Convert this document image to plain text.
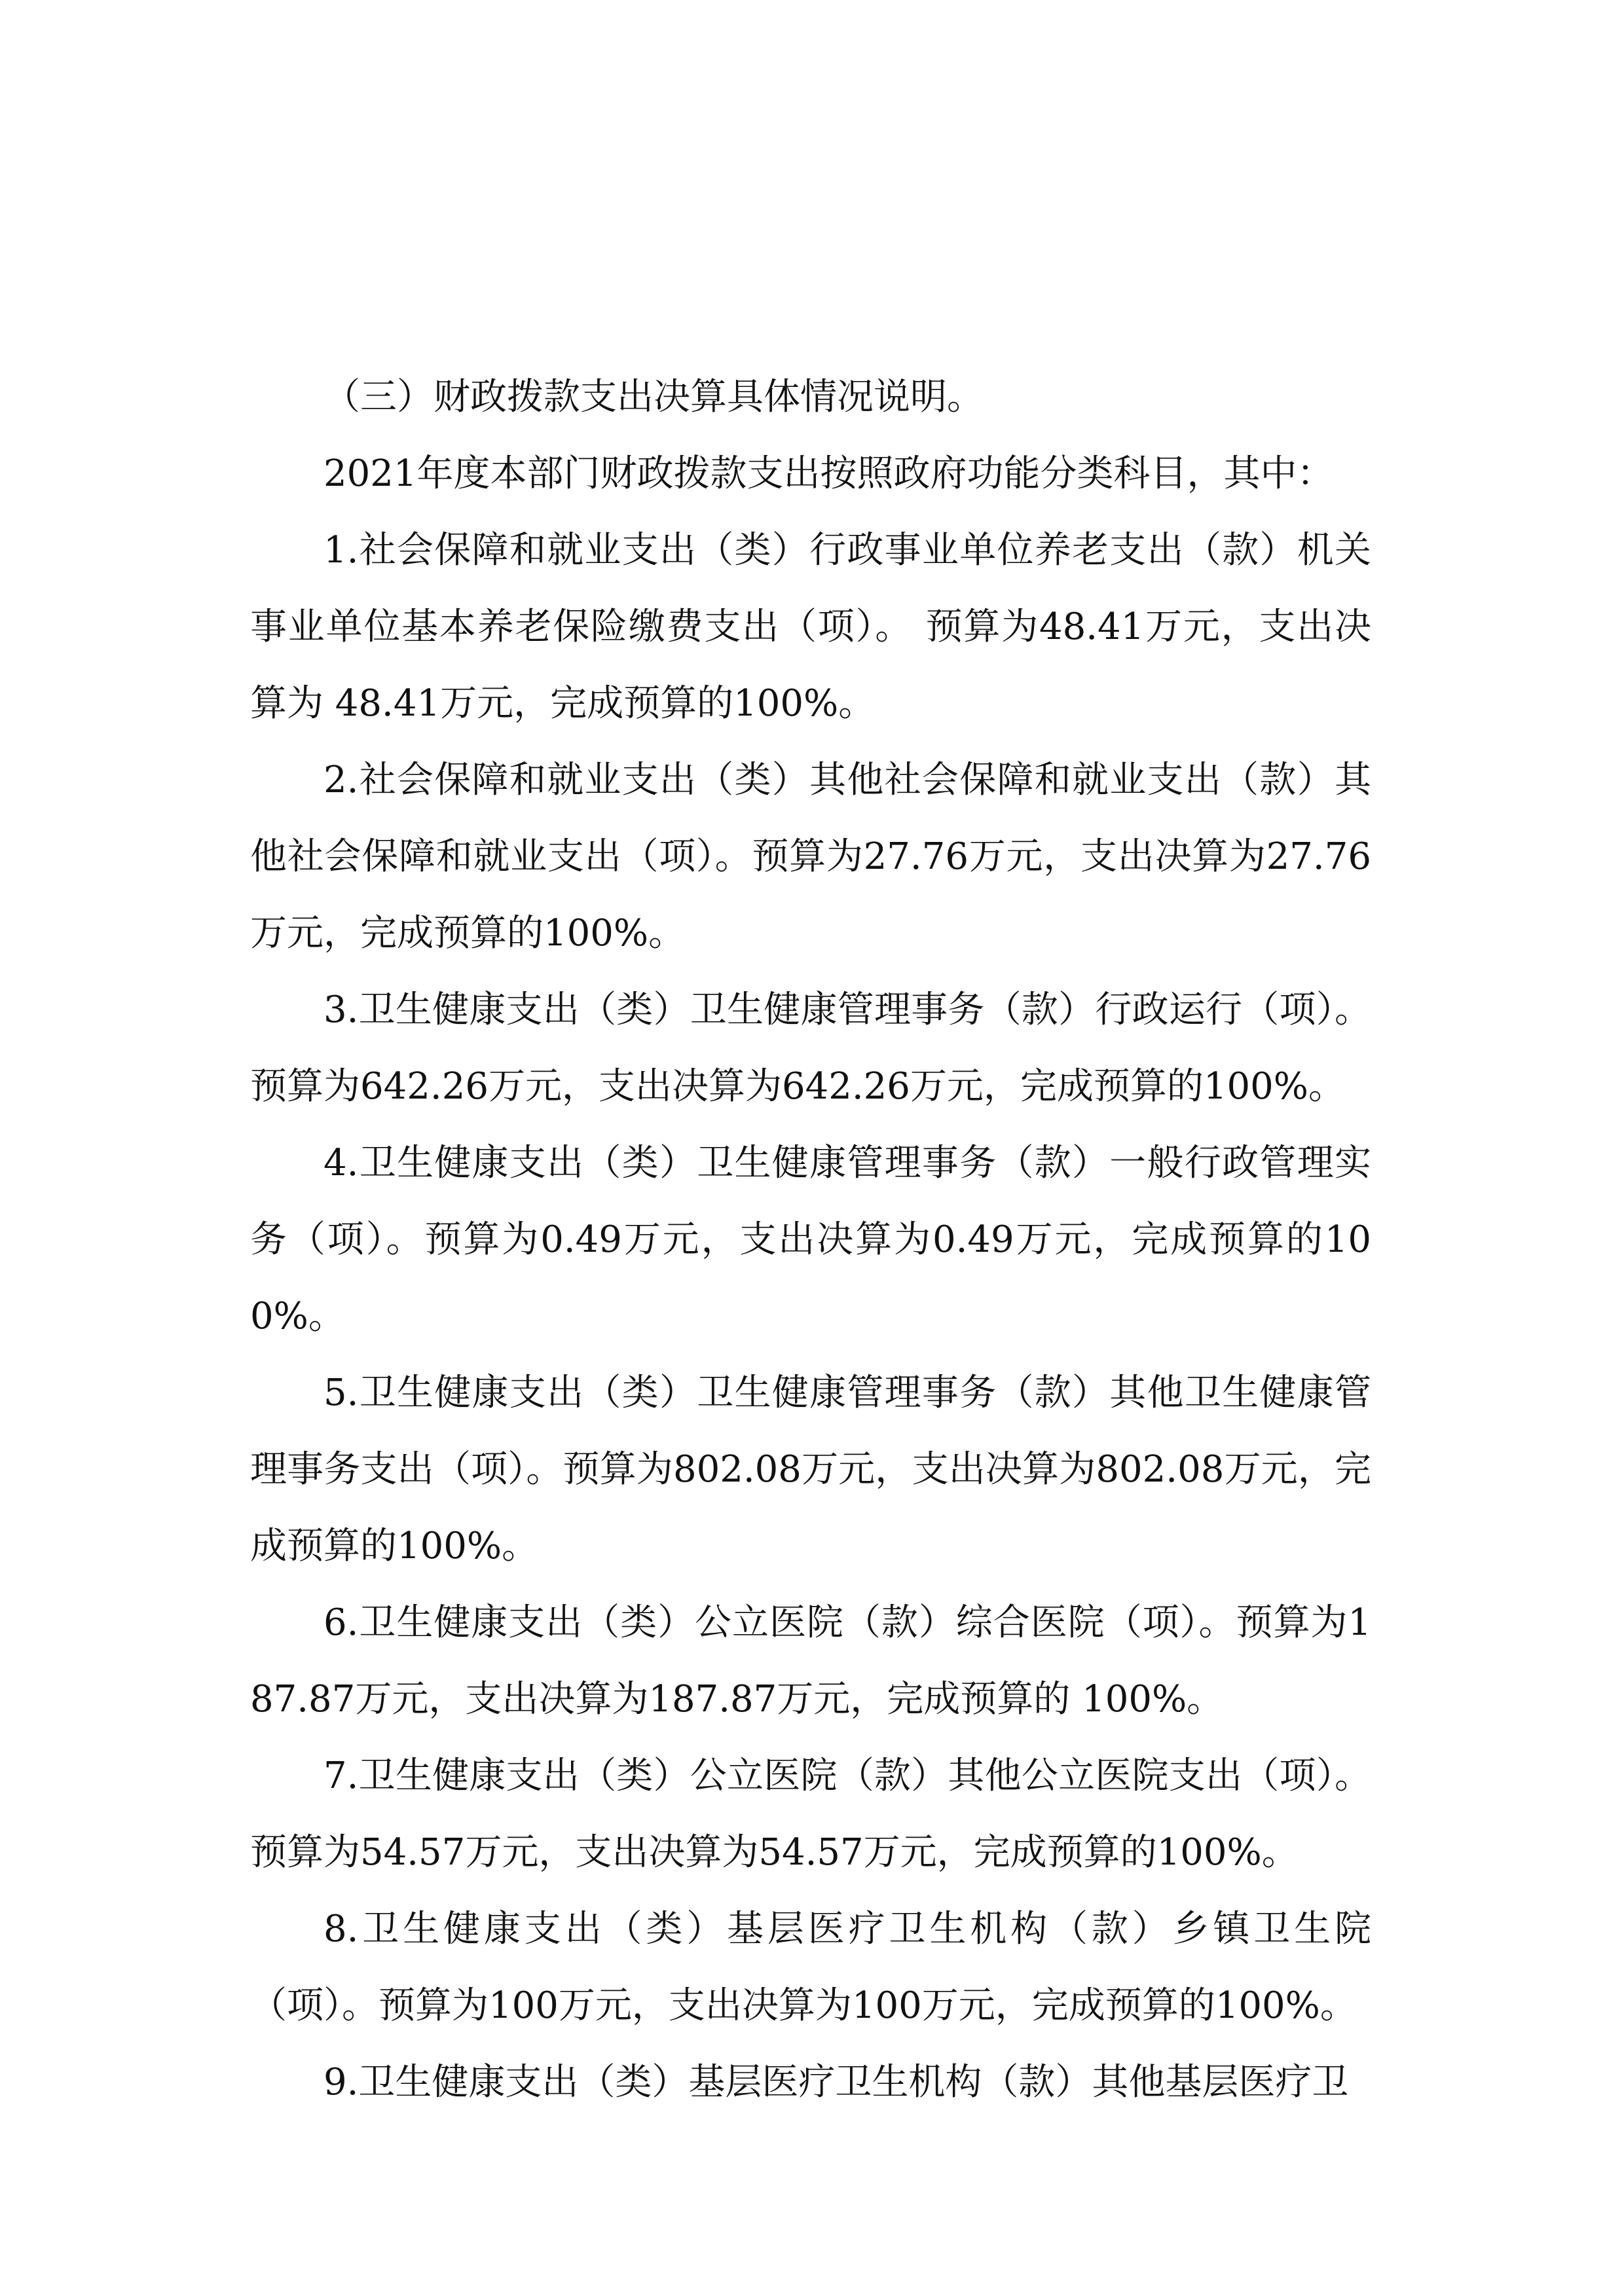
（三）财政拨款支出决算具体情况说明。

2021年度本部门财政拨款支出按照政府功能分类科目，其中：

1.社会保障和就业支出（类）行政事业单位养老支出（款）机关事业单位基本养老保险缴费支出（项）。 预算为48.41万元，支出决算为 48.41万元，完成预算的100%。

2.社会保障和就业支出（类）其他社会保障和就业支出（款）其他社会保障和就业支出（项）。预算为27.76万元，支出决算为27.76万元，完成预算的100%。

3.卫生健康支出（类）卫生健康管理事务（款）行政运行（项）。预算为642.26万元，支出决算为642.26万元，完成预算的100%。

4.卫生健康支出（类）卫生健康管理事务（款）一般行政管理实务（项）。预算为0.49万元，支出决算为0.49万元，完成预算的100%。

5.卫生健康支出（类）卫生健康管理事务（款）其他卫生健康管理事务支出（项）。预算为802.08万元，支出决算为802.08万元，完成预算的100%。

6.卫生健康支出（类）公立医院（款）综合医院（项）。预算为187.87万元，支出决算为187.87万元，完成预算的 100%。

7.卫生健康支出（类）公立医院（款）其他公立医院支出（项）。预算为54.57万元，支出决算为54.57万元，完成预算的100%。

8.卫生健康支出（类）基层医疗卫生机构（款）乡镇卫生院（项）。预算为100万元，支出决算为100万元，完成预算的100%。

9.卫生健康支出（类）基层医疗卫生机构（款）其他基层医疗卫
